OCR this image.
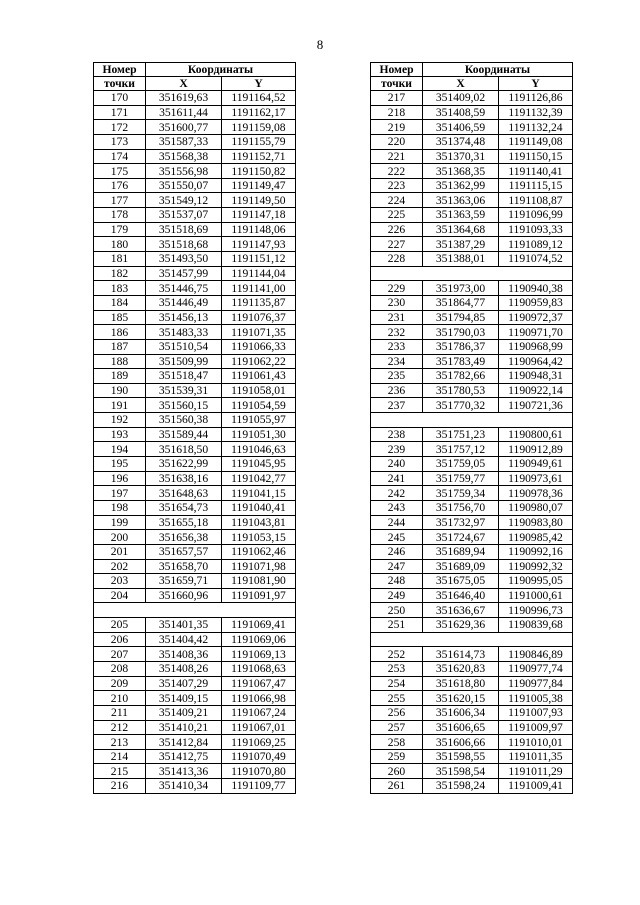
8
Номер	Координаты	
точки	X	Y
170	351619,63	1191164,52
171	351611,44	1191162,17
172	351600,77	1191159,08
173	351587,33	1191155,79
174	351568,38	1191152,71
175	351556,98	1191150,82
176	351550,07	1191149,47
177	351549,12	1191149,50
178	351537,07	1191147,18
179	351518,69	1191148,06
180	351518,68	1191147,93
181	351493,50	1191151,12
182	351457,99	1191144,04
183	351446,75	1191141,00
184	351446,49	1191135,87
185	351456,13	1191076,37
186	351483,33	1191071,35
187	351510,54	1191066,33
188	351509,99	1191062,22
189	351518,47	1191061,43
190	351539,31	1191058,01
191	351560,15	1191054,59
192	351560,38	1191055,97
193	351589,44	1191051,30
194	351618,50	1191046,63
195	351622,99	1191045,95
196	351638,16	1191042,77
197	351648,63	1191041,15
198	351654,73	1191040,41
199	351655,18	1191043,81
200	351656,38	1191053,15
201	351657,57	1191062,46
202	351658,70	1191071,98
203	351659,71	1191081,90
204	351660,96	1191091,97

205	351401,35	1191069,41
206	351404,42	1191069,06
207	351408,36	1191069,13
208	351408,26	1191068,63
209	351407,29	1191067,47
210	351409,15	1191066,98
211	351409,21	1191067,24
212	351410,21	1191067,01
213	351412,84	1191069,25
214	351412,75	1191070,49
215	351413,36	1191070,80
216	351410,34	1191109,77
Номер	Координаты	
точки	X	Y
217	351409,02	1191126,86
218	351408,59	1191132,39
219	351406,59	1191132,24
220	351374,48	1191149,08
221	351370,31	1191150,15
222	351368,35	1191140,41
223	351362,99	1191115,15
224	351363,06	1191108,87
225	351363,59	1191096,99
226	351364,68	1191093,33
227	351387,29	1191089,12
228	351388,01	1191074,52

229	351973,00	1190940,38
230	351864,77	1190959,83
231	351794,85	1190972,37
232	351790,03	1190971,70
233	351786,37	1190968,99
234	351783,49	1190964,42
235	351782,66	1190948,31
236	351780,53	1190922,14
237	351770,32	1190721,36

238	351751,23	1190800,61
239	351757,12	1190912,89
240	351759,05	1190949,61
241	351759,77	1190973,61
242	351759,34	1190978,36
243	351756,70	1190980,07
244	351732,97	1190983,80
245	351724,67	1190985,42
246	351689,94	1190992,16
247	351689,09	1190992,32
248	351675,05	1190995,05
249	351646,40	1191000,61
250	351636,67	1190996,73
251	351629,36	1190839,68

252	351614,73	1190846,89
253	351620,83	1190977,74
254	351618,80	1190977,84
255	351620,15	1191005,38
256	351606,34	1191007,93
257	351606,65	1191009,97
258	351606,66	1191010,01
259	351598,55	1191011,35
260	351598,54	1191011,29
261	351598,24	1191009,41
